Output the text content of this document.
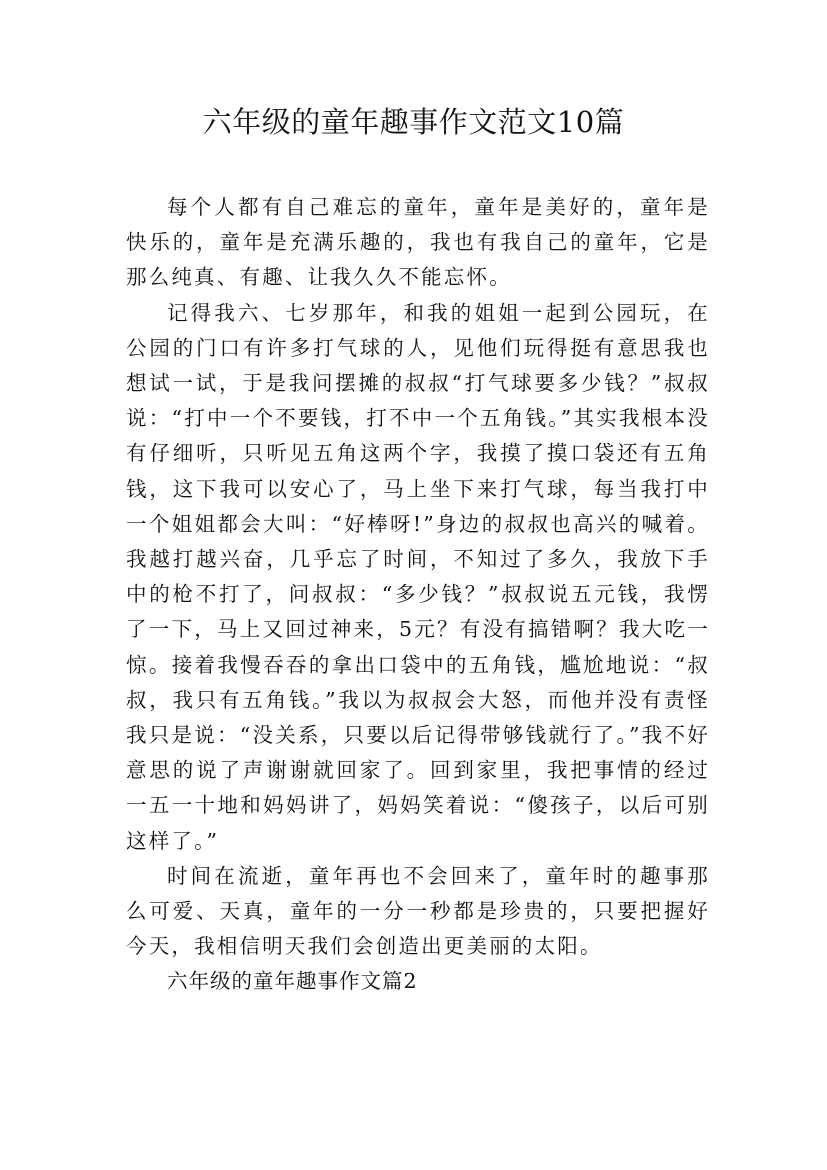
六年级的童年趣事作文范文10篇

每个人都有自己难忘的童年，童年是美好的，童年是快乐的，童年是充满乐趣的，我也有我自己的童年，它是那么纯真、有趣、让我久久不能忘怀。

记得我六、七岁那年，和我的姐姐一起到公园玩，在公园的门口有许多打气球的人，见他们玩得挺有意思我也想试一试，于是我问摆摊的叔叔“打气球要多少钱？”叔叔说：“打中一个不要钱，打不中一个五角钱。”其实我根本没有仔细听，只听见五角这两个字，我摸了摸口袋还有五角钱，这下我可以安心了，马上坐下来打气球，每当我打中一个姐姐都会大叫：“好棒呀!”身边的叔叔也高兴的喊着。我越打越兴奋，几乎忘了时间，不知过了多久，我放下手中的枪不打了，问叔叔：“多少钱？”叔叔说五元钱，我愣了一下，马上又回过神来，5元？有没有搞错啊？我大吃一惊。接着我慢吞吞的拿出口袋中的五角钱，尴尬地说：“叔叔，我只有五角钱。”我以为叔叔会大怒，而他并没有责怪我只是说：“没关系，只要以后记得带够钱就行了。”我不好意思的说了声谢谢就回家了。回到家里，我把事情的经过一五一十地和妈妈讲了，妈妈笑着说：“傻孩子，以后可别这样了。”

时间在流逝，童年再也不会回来了，童年时的趣事那么可爱、天真，童年的一分一秒都是珍贵的，只要把握好今天，我相信明天我们会创造出更美丽的太阳。

六年级的童年趣事作文篇2
